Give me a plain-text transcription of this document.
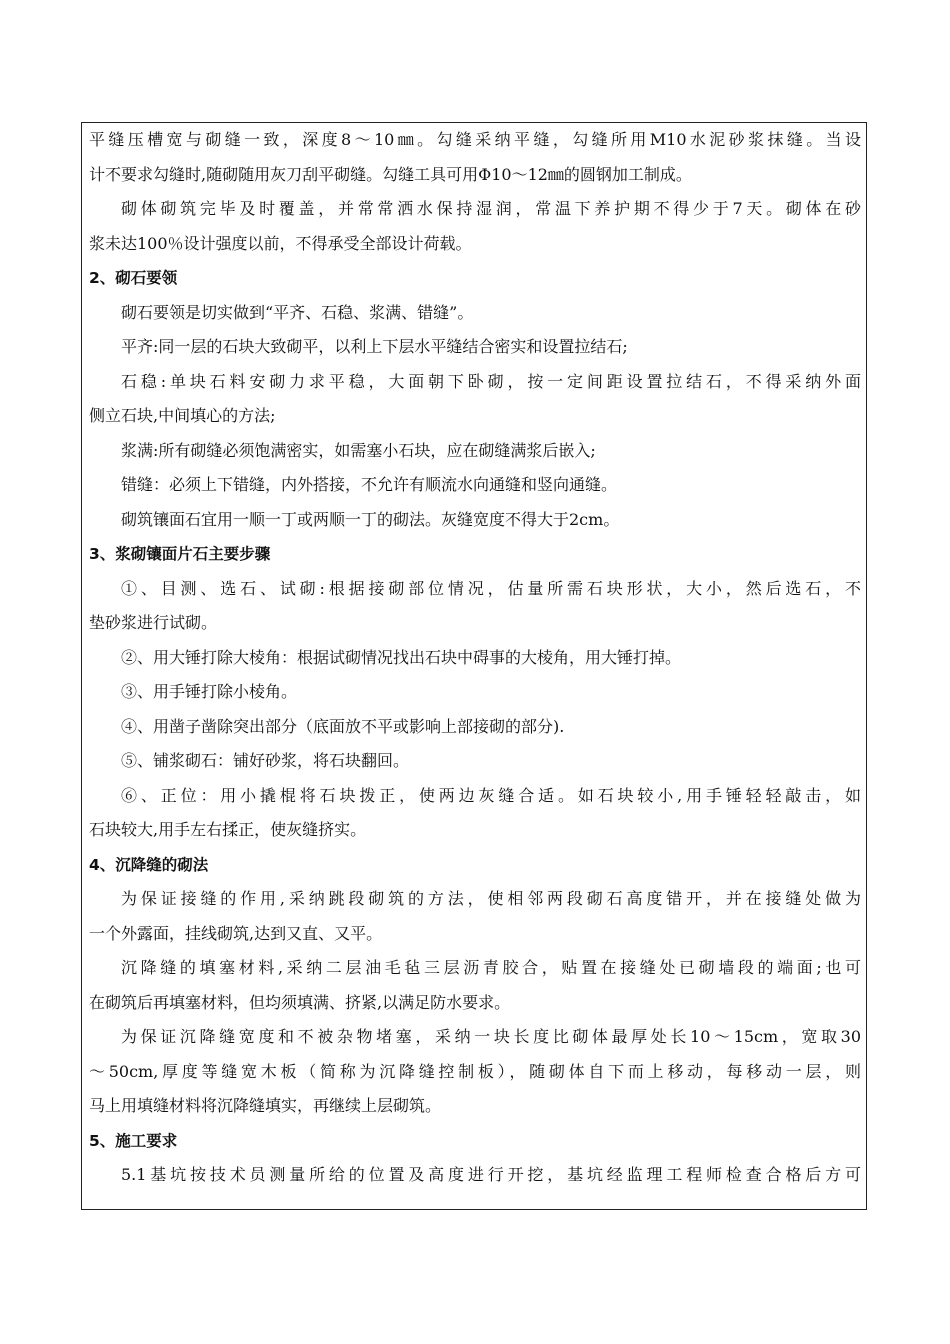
平缝压槽宽与砌缝一致，深度8～10㎜。勾缝采纳平缝，勾缝所用M10水泥砂浆抹缝。当设
计不要求勾缝时,随砌随用灰刀刮平砌缝。勾缝工具可用Φ10～12㎜的圆钢加工制成。
砌体砌筑完毕及时覆盖，并常常洒水保持湿润，常温下养护期不得少于7天。砌体在砂
浆未达100％设计强度以前，不得承受全部设计荷载。
2、砌石要领
砌石要领是切实做到“平齐、石稳、浆满、错缝”。
平齐:同一层的石块大致砌平，以利上下层水平缝结合密实和设置拉结石;
石稳:单块石料安砌力求平稳，大面朝下卧砌，按一定间距设置拉结石，不得采纳外面
侧立石块,中间填心的方法;
浆满:所有砌缝必须饱满密实，如需塞小石块，应在砌缝满浆后嵌入;
错缝：必须上下错缝，内外搭接，不允许有顺流水向通缝和竖向通缝。
砌筑镶面石宜用一顺一丁或两顺一丁的砌法。灰缝宽度不得大于2cm。
3、浆砌镶面片石主要步骤
①、目测、选石、试砌:根据接砌部位情况，估量所需石块形状，大小，然后选石，不
垫砂浆进行试砌。
②、用大锤打除大棱角：根据试砌情况找出石块中碍事的大棱角，用大锤打掉。
③、用手锤打除小棱角。
④、用凿子凿除突出部分（底面放不平或影响上部接砌的部分).
⑤、铺浆砌石：铺好砂浆，将石块翻回。
⑥、正位：用小撬棍将石块拨正，使两边灰缝合适。如石块较小,用手锤轻轻敲击，如
石块较大,用手左右揉正，使灰缝挤实。
4、沉降缝的砌法
为保证接缝的作用,采纳跳段砌筑的方法，使相邻两段砌石高度错开，并在接缝处做为
一个外露面，挂线砌筑,达到又直、又平。
沉降缝的填塞材料,采纳二层油毛毡三层沥青胶合，贴置在接缝处已砌墙段的端面;也可
在砌筑后再填塞材料，但均须填满、挤紧,以满足防水要求。
为保证沉降缝宽度和不被杂物堵塞，采纳一块长度比砌体最厚处长10～15cm，宽取30
～50cm,厚度等缝宽木板（简称为沉降缝控制板），随砌体自下而上移动，每移动一层，则
马上用填缝材料将沉降缝填实，再继续上层砌筑。
5、施工要求
5.1基坑按技术员测量所给的位置及高度进行开挖，基坑经监理工程师检查合格后方可
